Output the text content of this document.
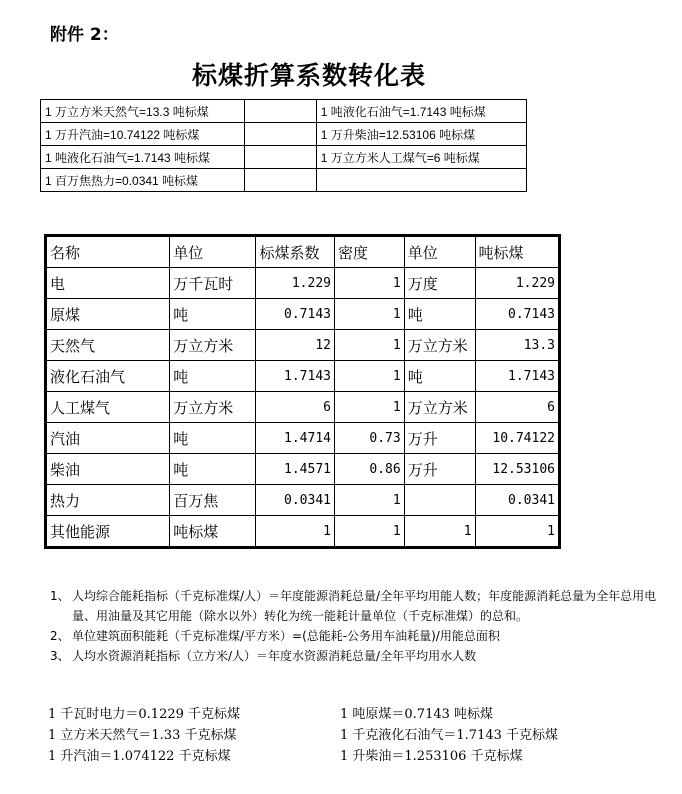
附件 2：
标煤折算系数转化表
1 万立方米天然气=13.3 吨标煤		1 吨液化石油气=1.7143 吨标煤
1 万升汽油=10.74122 吨标煤		1 万升柴油=12.53106 吨标煤
1 吨液化石油气=1.7143 吨标煤		1 万立方米人工煤气=6 吨标煤
1 百万焦热力=0.0341 吨标煤		
名称	单位	标煤系数	密度	单位	吨标煤
电	万千瓦时	1.229	1	万度	1.229
原煤	吨	0.7143	1	吨	0.7143
天然气	万立方米	12	1	万立方米	13.3
液化石油气	吨	1.7143	1	吨	1.7143
人工煤气	万立方米	6	1	万立方米	6
汽油	吨	1.4714	0.73	万升	10.74122
柴油	吨	1.4571	0.86	万升	12.53106
热力	百万焦	0.0341	1		0.0341
其他能源	吨标煤	1	1	1	1
1、 人均综合能耗指标（千克标准煤/人）＝年度能源消耗总量/全年平均用能人数；年度能源消耗总量为全年总用电量、用油量及其它用能（除水以外）转化为统一能耗计量单位（千克标准煤）的总和。
2、 单位建筑面积能耗（千克标准煤/平方米）=(总能耗-公务用车油耗量)/用能总面积
3、 人均水资源消耗指标（立方米/人）＝年度水资源消耗总量/全年平均用水人数
1 千瓦时电力＝0.1229 千克标煤
1 立方米天然气＝1.33 千克标煤
1 升汽油＝1.074122 千克标煤
1 吨原煤＝0.7143 吨标煤
1 千克液化石油气＝1.7143 千克标煤
1 升柴油＝1.253106 千克标煤
